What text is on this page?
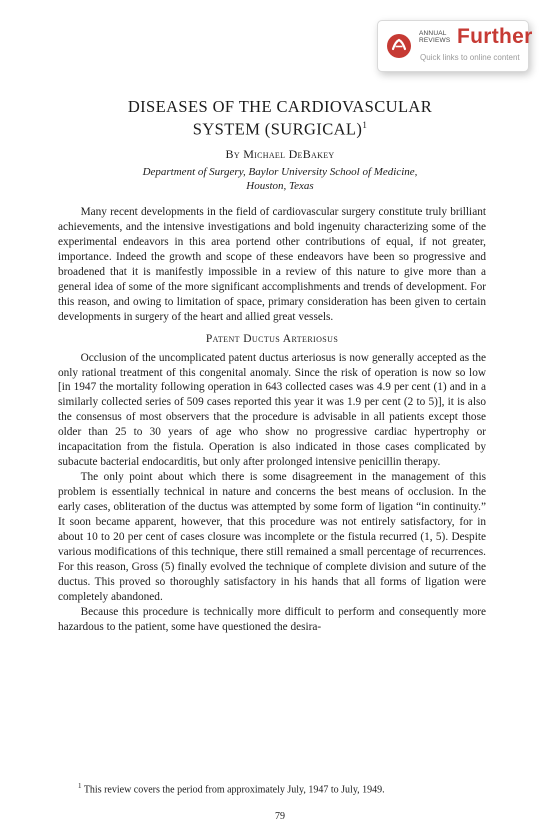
ANNUAL
REVIEWS Further
Quick links to online content
DISEASES OF THE CARDIOVASCULAR
SYSTEM (SURGICAL)$^1$
By Michael DeBakey
Department of Surgery, Baylor University School of Medicine,
Houston, Texas

Many recent developments in the field of cardiovascular surgery constitute truly brilliant achievements, and the intensive investigations and bold ingenuity characterizing some of the experimental endeavors in this area portend other contributions of equal, if not greater, importance. Indeed the growth and scope of these endeavors have been so progressive and broadened that it is manifestly impossible in a review of this nature to give more than a general idea of some of the more significant accomplishments and trends of development. For this reason, and owing to limitation of space, primary consideration has been given to certain developments in surgery of the heart and allied great vessels.

Patent Ductus Arteriosus

Occlusion of the uncomplicated patent ductus arteriosus is now generally accepted as the only rational treatment of this congenital anomaly. Since the risk of operation is now so low [in 1947 the mortality following operation in 643 collected cases was 4.9 per cent (1) and in a similarly collected series of 509 cases reported this year it was 1.9 per cent (2 to 5)], it is also the consensus of most observers that the procedure is advisable in all patients except those older than 25 to 30 years of age who show no progressive cardiac hypertrophy or incapacitation from the fistula. Operation is also indicated in those cases complicated by subacute bacterial endocarditis, but only after prolonged intensive penicillin therapy.

The only point about which there is some disagreement in the management of this problem is essentially technical in nature and concerns the best means of occlusion. In the early cases, obliteration of the ductus was attempted by some form of ligation “in continuity.” It soon became apparent, however, that this procedure was not entirely satisfactory, for in about 10 to 20 per cent of cases closure was incomplete or the fistula recurred (1, 5). Despite various modifications of this technique, there still remained a small percentage of recurrences. For this reason, Gross (5) finally evolved the technique of complete division and suture of the ductus. This proved so thoroughly satisfactory in his hands that all forms of ligation were completely abandoned.

Because this procedure is technically more difficult to perform and consequently more hazardous to the patient, some have questioned the desira-

$^1$ This review covers the period from approximately July, 1947 to July, 1949.
79
